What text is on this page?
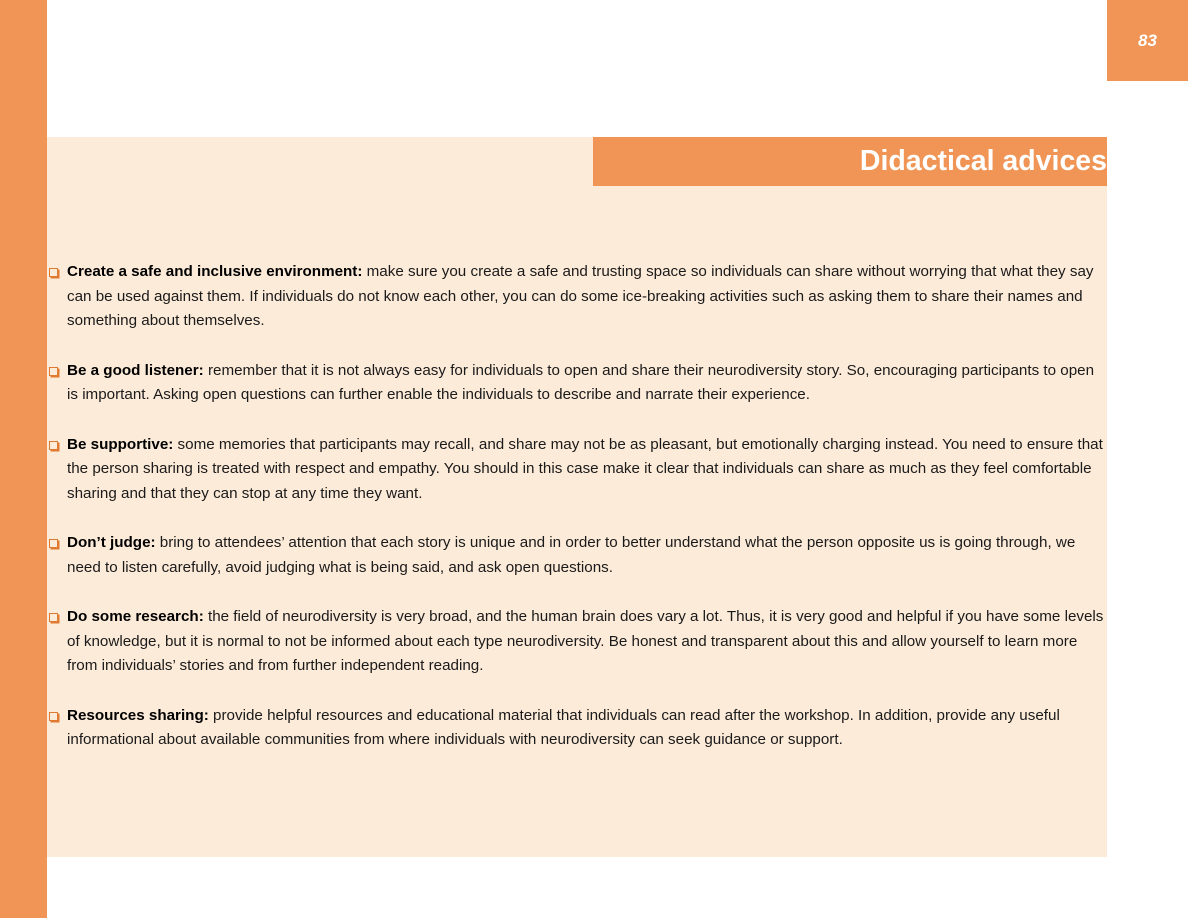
83
Didactical advices
Create a safe and inclusive environment: make sure you create a safe and trusting space so individuals can share without worrying that what they say can be used against them. If individuals do not know each other, you can do some ice-breaking activities such as asking them to share their names and something about themselves.
Be a good listener: remember that it is not always easy for individuals to open and share their neurodiversity story. So, encouraging participants to open is important. Asking open questions can further enable the individuals to describe and narrate their experience.
Be supportive: some memories that participants may recall, and share may not be as pleasant, but emotionally charging instead. You need to ensure that the person sharing is treated with respect and empathy. You should in this case make it clear that individuals can share as much as they feel comfortable sharing and that they can stop at any time they want.
Don’t judge: bring to attendees’ attention that each story is unique and in order to better understand what the person opposite us is going through, we need to listen carefully, avoid judging what is being said, and ask open questions.
Do some research: the field of neurodiversity is very broad, and the human brain does vary a lot. Thus, it is very good and helpful if you have some levels of knowledge, but it is normal to not be informed about each type neurodiversity. Be honest and transparent about this and allow yourself to learn more from individuals’ stories and from further independent reading.
Resources sharing: provide helpful resources and educational material that individuals can read after the workshop. In addition, provide any useful informational about available communities from where individuals with neurodiversity can seek guidance or support.
